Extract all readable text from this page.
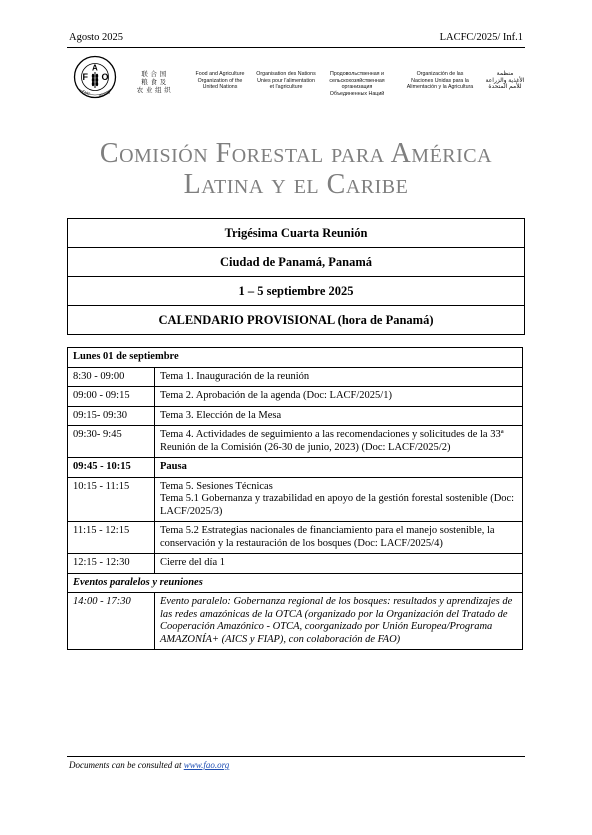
Agosto 2025	LACFC/2025/ Inf.1
F
A
O
FIAT PANIS
联 合 国
粮 食 及
农 业 组 织
Food and Agriculture
Organization of the
United Nations
Organisation des Nations
Unies pour l'alimentation
et l'agriculture
Продовольственная и
сельскохозяйственная организация
Объединенных Наций
Organización de las
Naciones Unidas para la
Alimentación y la Agricultura
منظمة
الأغذية والزراعة
للأمم المتحدة
Comisión Forestal para América
Latina y el Caribe
Trigésima Cuarta Reunión
Ciudad de Panamá, Panamá
1 – 5 septiembre 2025
CALENDARIO PROVISIONAL (hora de Panamá)
Lunes 01 de septiembre	
8:30 - 09:00	Tema 1. Inauguración de la reunión
09:00 - 09:15	Tema 2. Aprobación de la agenda (Doc: LACF/2025/1)
09:15- 09:30	Tema 3. Elección de la Mesa
09:30- 9:45	Tema 4. Actividades de seguimiento a las recomendaciones y solicitudes de la 33ª Reunión de la Comisión (26-30 de junio, 2023) (Doc: LACF/2025/2)
09:45 - 10:15	Pausa
10:15 - 11:15	Tema 5. Sesiones Técnicas
Tema 5.1 Gobernanza y trazabilidad en apoyo de la gestión forestal sostenible (Doc: LACF/2025/3)

11:15 - 12:15	Tema 5.2 Estrategias nacionales de financiamiento para el manejo sostenible, la conservación y la restauración de los bosques (Doc: LACF/2025/4)
12:15 - 12:30	Cierre del día 1
Eventos paralelos y reuniones	
14:00 - 17:30	Evento paralelo: Gobernanza regional de los bosques: resultados y aprendizajes de las redes amazónicas de la OTCA (organizado por la Organización del Tratado de Cooperación Amazónico - OTCA, coorganizado por Unión Europea/Programa AMAZONÍA+ (AICS y FIAP), con colaboración de FAO)
Documents can be consulted at www.fao.org
